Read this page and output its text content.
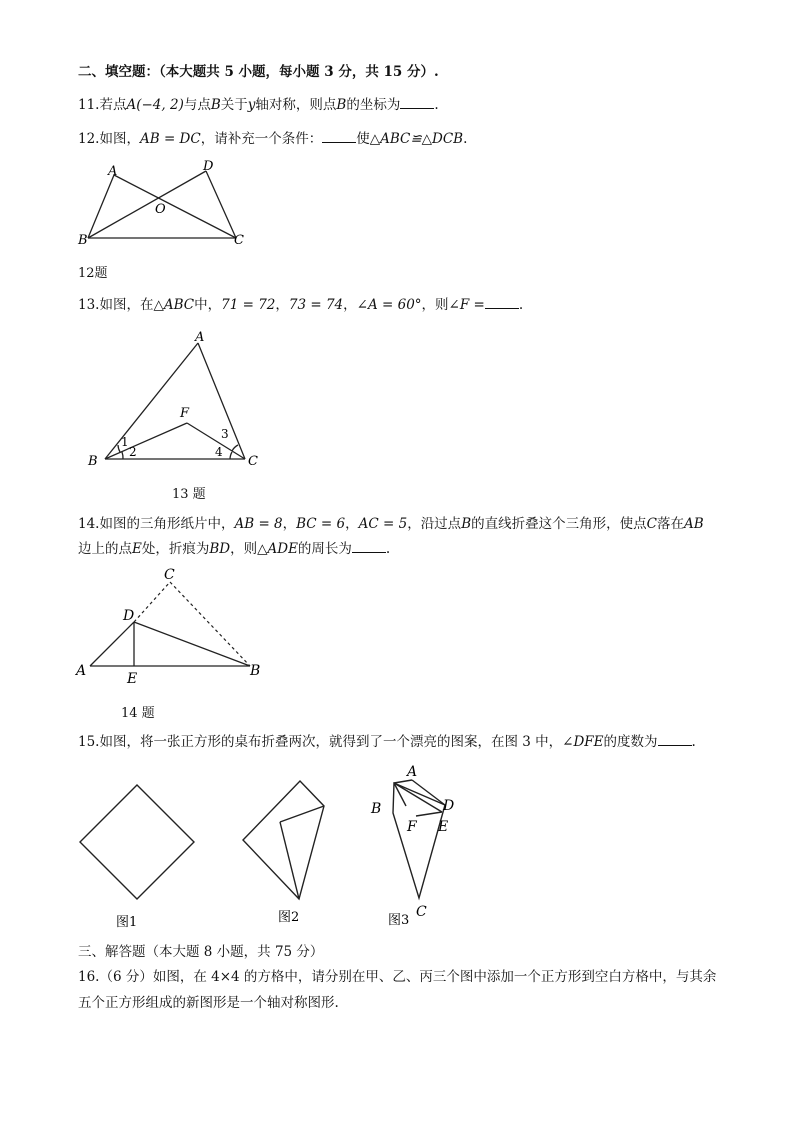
二、填空题：（本大题共 5 小题，每小题 3 分，共 15 分）.
11.若点A(−4, 2)与点B关于y轴对称，则点B的坐标为	.
12.如图，AB = DC，请补充一个条件：	使△ABC≌△DCB.
A	D
O
B	C
12题
13.如图，在△ABC中，71 = 72，73 = 74，∠A = 60°，则∠F =	.
A
F
B	C
1
2
3
4
13 题
14.如图的三角形纸片中，AB = 8，BC = 6，AC = 5，沿过点B的直线折叠这个三角形，使点C落在AB
边上的点E处，折痕为BD，则△ADE的周长为	.
C
D
A	E	B
14 题
15.如图，将一张正方形的桌布折叠两次，就得到了一个漂亮的图案，在图 3 中，∠DFE的度数为	.
图1	图2	图3
A
B	D
F E
C
三、解答题（本大题 8 小题，共 75 分）
16.（6 分）如图，在 4×4 的方格中，请分别在甲、乙、丙三个图中添加一个正方形到空白方格中，与其余
五个正方形组成的新图形是一个轴对称图形.
